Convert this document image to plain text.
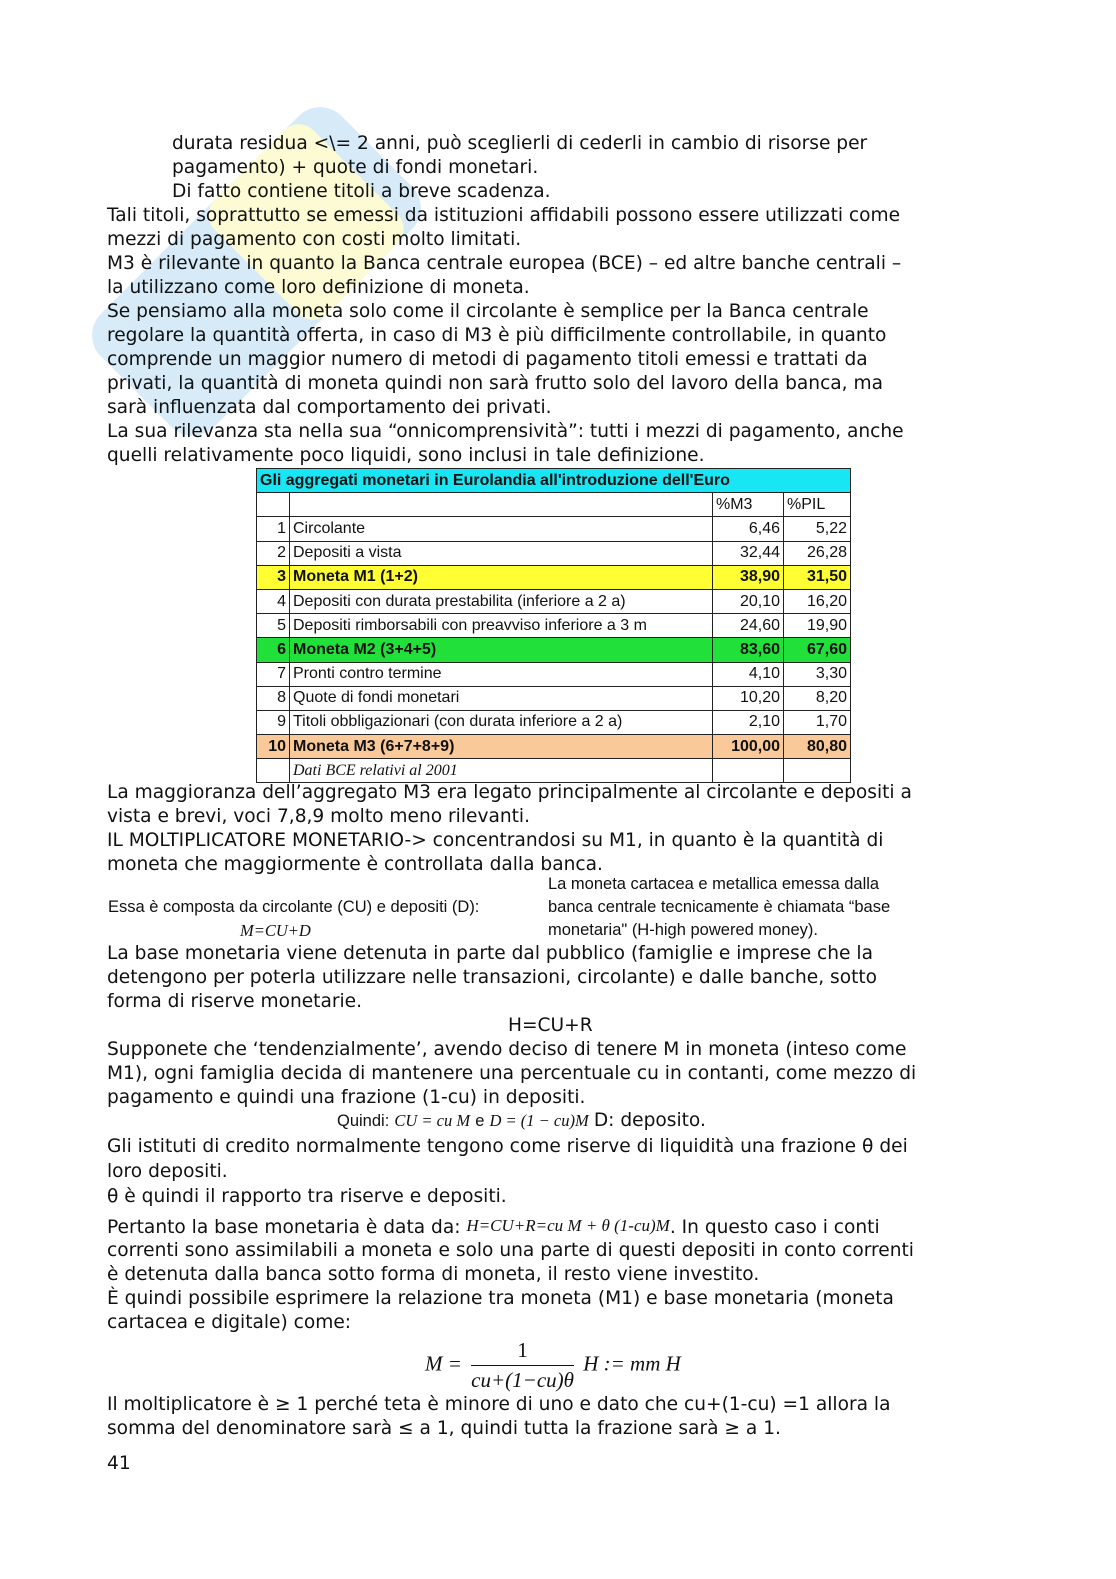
durata residua <\= 2 anni, può sceglierli di cederli in cambio di risorse per
pagamento) + quote di fondi monetari.
Di fatto contiene titoli a breve scadenza.
Tali titoli, soprattutto se emessi da istituzioni affidabili possono essere utilizzati come
mezzi di pagamento con costi molto limitati.
M3 è rilevante in quanto la Banca centrale europea (BCE) – ed altre banche centrali –
la utilizzano come loro definizione di moneta.
Se pensiamo alla moneta solo come il circolante è semplice per la Banca centrale
regolare la quantità offerta, in caso di M3 è più difficilmente controllabile, in quanto
comprende un maggior numero di metodi di pagamento titoli emessi e trattati da
privati, la quantità di moneta quindi non sarà frutto solo del lavoro della banca, ma
sarà influenzata dal comportamento dei privati.
La sua rilevanza sta nella sua “onnicomprensività”: tutti i mezzi di pagamento, anche
quelli relativamente poco liquidi, sono inclusi in tale definizione.
Gli aggregati monetari in Eurolandia all'introduzione dell'Euro			
		%M3	%PIL
1	Circolante	6,46	5,22
2	Depositi a vista	32,44	26,28
3	Moneta M1 (1+2)	38,90	31,50
4	Depositi con durata prestabilita (inferiore a 2 a)	20,10	16,20
5	Depositi rimborsabili con preavviso inferiore a 3 m	24,60	19,90
6	Moneta M2 (3+4+5)	83,60	67,60
7	Pronti contro termine	4,10	3,30
8	Quote di fondi monetari	10,20	8,20
9	Titoli obbligazionari (con durata inferiore a 2 a)	2,10	1,70
10	Moneta M3 (6+7+8+9)	100,00	80,80
	Dati BCE relativi al 2001		
La maggioranza dell’aggregato M3 era legato principalmente al circolante e depositi a
vista e brevi, voci 7,8,9 molto meno rilevanti.
IL MOLTIPLICATORE MONETARIO-> concentrandosi su M1, in quanto è la quantità di
moneta che maggiormente è controllata dalla banca.
Essa è composta da circolante (CU) e depositi (D):
M=CU+D
La moneta cartacea e metallica emessa dalla
banca centrale tecnicamente è chiamata “base
monetaria" (H-high powered money).
La base monetaria viene detenuta in parte dal pubblico (famiglie e imprese che la
detengono per poterla utilizzare nelle transazioni, circolante) e dalle banche, sotto
forma di riserve monetarie.
H=CU+R
Supponete che ‘tendenzialmente’, avendo deciso di tenere M in moneta (inteso come
M1), ogni famiglia decida di mantenere una percentuale cu in contanti, come mezzo di
pagamento e quindi una frazione (1-cu) in depositi.
Quindi: CU = cu M e D = (1 − cu)M D: deposito.
Gli istituti di credito normalmente tengono come riserve di liquidità una frazione θ dei
loro depositi.
θ è quindi il rapporto tra riserve e depositi.
Pertanto la base monetaria è data da: H=CU+R=cu M + θ (1-cu)M. In questo caso i conti
correnti sono assimilabili a moneta e solo una parte di questi depositi in conto correnti
è detenuta dalla banca sotto forma di moneta, il resto viene investito.
È quindi possibile esprimere la relazione tra moneta (M1) e base monetaria (moneta
cartacea e digitale) come:
$M = \frac{1}{cu+(1-cu)\theta}$ H := mm H
Il moltiplicatore è ≥ 1 perché teta è minore di uno e dato che cu+(1-cu) =1 allora la
somma del denominatore sarà ≤ a 1, quindi tutta la frazione sarà ≥ a 1.
41
